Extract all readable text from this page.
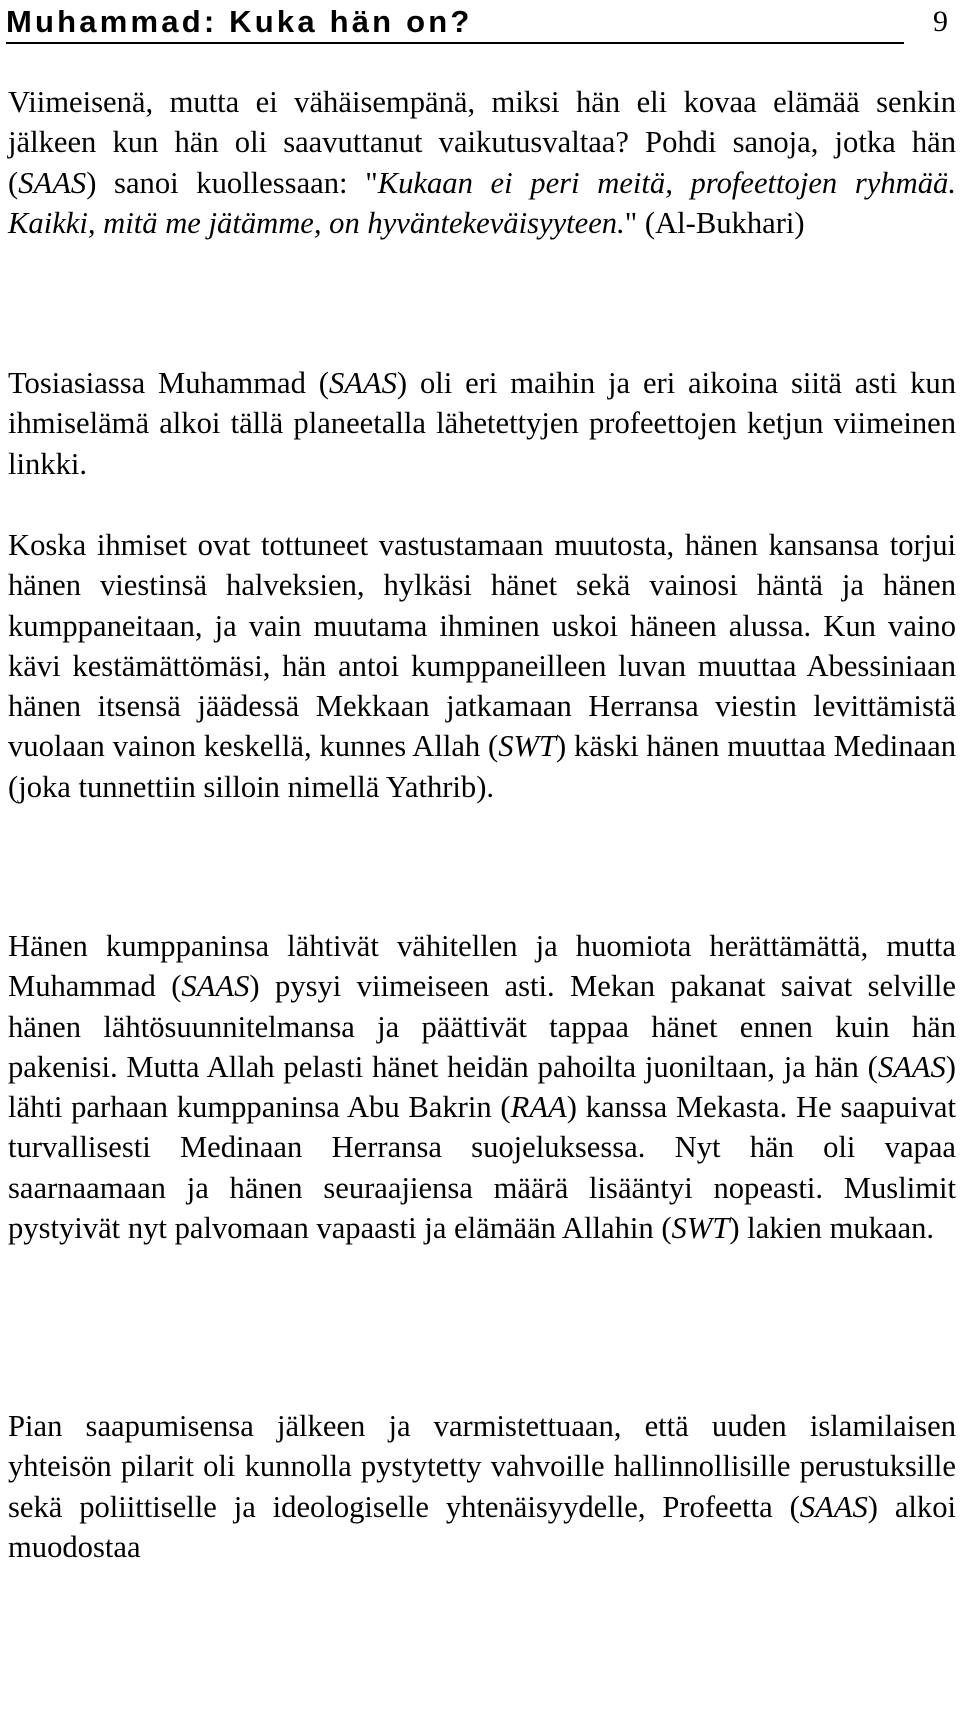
Muhammad: Kuka hän on?	9

Viimeisenä, mutta ei vähäisempänä, miksi hän eli kovaa elämää senkin jälkeen kun hän oli saavuttanut vaikutusvaltaa? Pohdi sanoja, jotka hän (SAAS) sanoi kuollessaan: "Kukaan ei peri meitä, profeettojen ryhmää. Kaikki, mitä me jätämme, on hyväntekeväisyyteen." (Al-Bukhari)

Tosiasiassa Muhammad (SAAS) oli eri maihin ja eri aikoina siitä asti kun ihmiselämä alkoi tällä planeetalla lähetettyjen profeettojen ketjun viimeinen linkki.

Koska ihmiset ovat tottuneet vastustamaan muutosta, hänen kansansa torjui hänen viestinsä halveksien, hylkäsi hänet sekä vainosi häntä ja hänen kumppaneitaan, ja vain muutama ihminen uskoi häneen alussa. Kun vaino kävi kestämättömäsi, hän antoi kumppaneilleen luvan muuttaa Abessiniaan hänen itsensä jäädessä Mekkaan jatkamaan Herransa viestin levittämistä vuolaan vainon keskellä, kunnes Allah (SWT) käski hänen muuttaa Medinaan (joka tunnettiin silloin nimellä Yathrib).

Hänen kumppaninsa lähtivät vähitellen ja huomiota herättämättä, mutta Muhammad (SAAS) pysyi viimeiseen asti. Mekan pakanat saivat selville hänen lähtösuunnitelmansa ja päättivät tappaa hänet ennen kuin hän pakenisi. Mutta Allah pelasti hänet heidän pahoilta juoniltaan, ja hän (SAAS) lähti parhaan kumppaninsa Abu Bakrin (RAA) kanssa Mekasta. He saapuivat turvallisesti Medinaan Herransa suojeluksessa. Nyt hän oli vapaa saarnaamaan ja hänen seuraajiensa määrä lisääntyi nopeasti. Muslimit pystyivät nyt palvomaan vapaasti ja elämään Allahin (SWT) lakien mukaan.

Pian saapumisensa jälkeen ja varmistettuaan, että uuden islamilaisen yhteisön pilarit oli kunnolla pystytetty vahvoille hallinnollisille perustuksille sekä poliittiselle ja ideologiselle yhtenäisyydelle, Profeetta (SAAS) alkoi muodostaa
